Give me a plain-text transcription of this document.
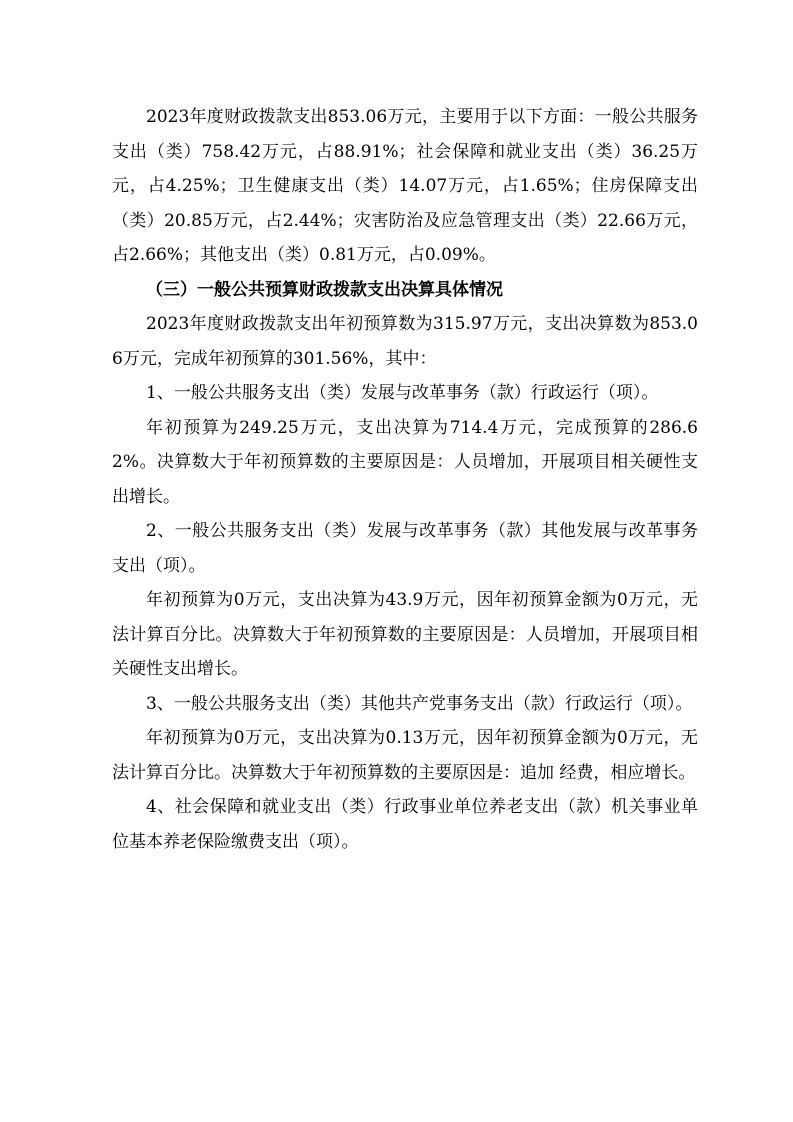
2023年度财政拨款支出853.06万元，主要用于以下方面：一般公共服务支出（类）758.42万元，占88.91%；社会保障和就业支出（类）36.25万元，占4.25%；卫生健康支出（类）14.07万元，占1.65%；住房保障支出（类）20.85万元，占2.44%；灾害防治及应急管理支出（类）22.66万元，占2.66%；其他支出（类）0.81万元，占0.09%。

（三）一般公共预算财政拨款支出决算具体情况

2023年度财政拨款支出年初预算数为315.97万元，支出决算数为853.06万元，完成年初预算的301.56%，其中：

1、一般公共服务支出（类）发展与改革事务（款）行政运行（项）。

年初预算为249.25万元，支出决算为714.4万元，完成预算的286.62%。决算数大于年初预算数的主要原因是：人员增加，开展项目相关硬性支出增长。

2、一般公共服务支出（类）发展与改革事务（款）其他发展与改革事务支出（项）。

年初预算为0万元，支出决算为43.9万元，因年初预算金额为0万元，无法计算百分比。决算数大于年初预算数的主要原因是：人员增加，开展项目相关硬性支出增长。

3、一般公共服务支出（类）其他共产党事务支出（款）行政运行（项）。

年初预算为0万元，支出决算为0.13万元，因年初预算金额为0万元，无法计算百分比。决算数大于年初预算数的主要原因是：追加 经费，相应增长。

4、社会保障和就业支出（类）行政事业单位养老支出（款）机关事业单位基本养老保险缴费支出（项）。
